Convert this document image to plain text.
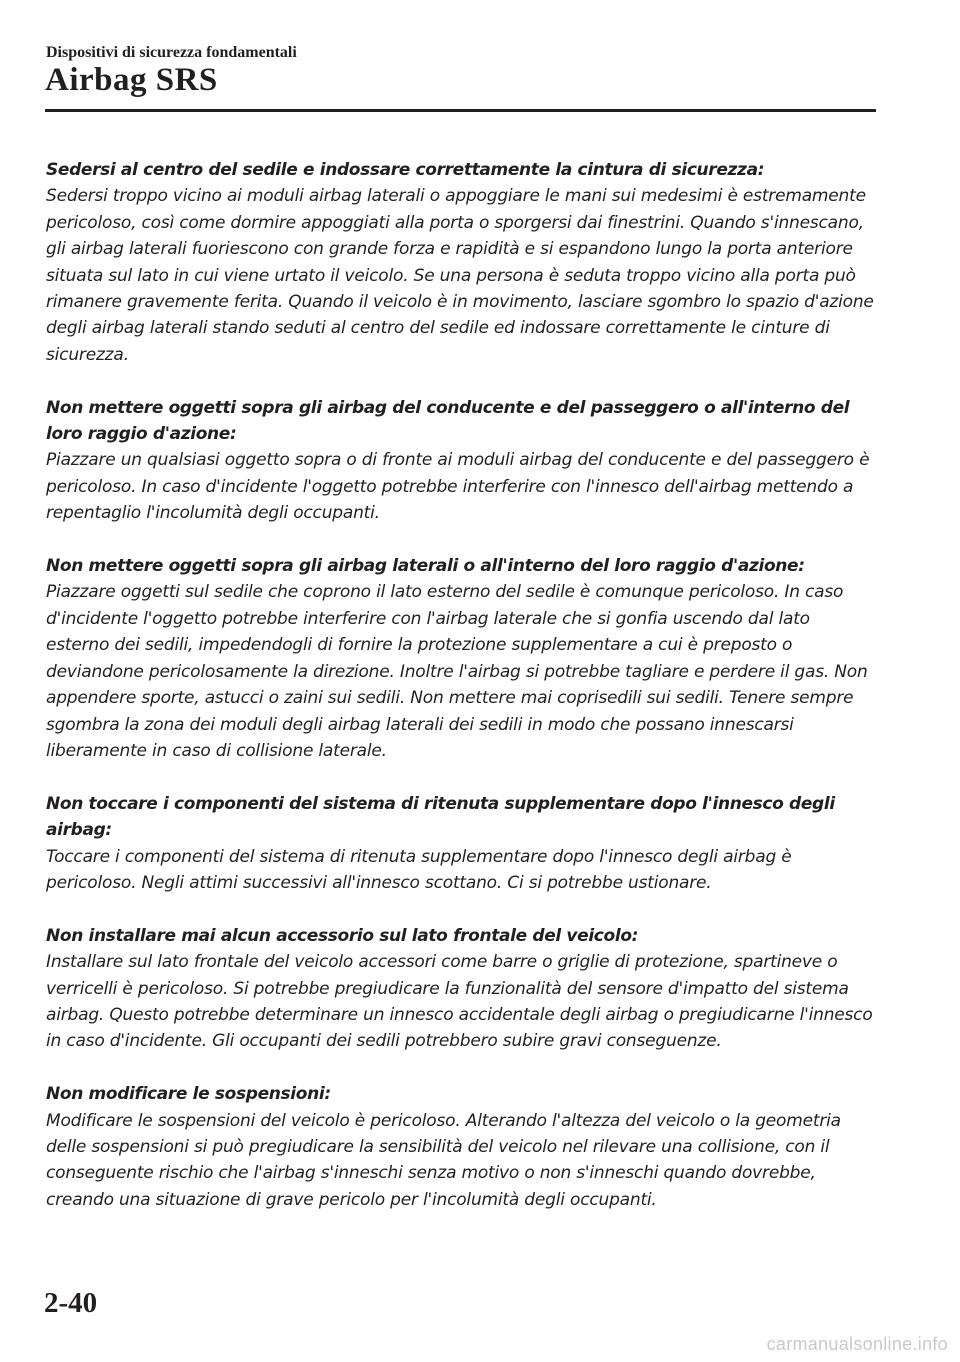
Dispositivi di sicurezza fondamentali
Airbag SRS
Sedersi al centro del sedile e indossare correttamente la cintura di sicurezza:
Sedersi troppo vicino ai moduli airbag laterali o appoggiare le mani sui medesimi è estremamente pericoloso, così come dormire appoggiati alla porta o sporgersi dai finestrini. Quando s'innescano, gli airbag laterali fuoriescono con grande forza e rapidità e si espandono lungo la porta anteriore situata sul lato in cui viene urtato il veicolo. Se una persona è seduta troppo vicino alla porta può rimanere gravemente ferita. Quando il veicolo è in movimento, lasciare sgombro lo spazio d'azione degli airbag laterali stando seduti al centro del sedile ed indossare correttamente le cinture di sicurezza.
Non mettere oggetti sopra gli airbag del conducente e del passeggero o all'interno del loro raggio d'azione:
Piazzare un qualsiasi oggetto sopra o di fronte ai moduli airbag del conducente e del passeggero è pericoloso. In caso d'incidente l'oggetto potrebbe interferire con l'innesco dell'airbag mettendo a repentaglio l'incolumità degli occupanti.
Non mettere oggetti sopra gli airbag laterali o all'interno del loro raggio d'azione:
Piazzare oggetti sul sedile che coprono il lato esterno del sedile è comunque pericoloso. In caso d'incidente l'oggetto potrebbe interferire con l'airbag laterale che si gonfia uscendo dal lato esterno dei sedili, impedendogli di fornire la protezione supplementare a cui è preposto o deviandone pericolosamente la direzione. Inoltre l'airbag si potrebbe tagliare e perdere il gas. Non appendere sporte, astucci o zaini sui sedili. Non mettere mai coprisedili sui sedili. Tenere sempre sgombra la zona dei moduli degli airbag laterali dei sedili in modo che possano innescarsi liberamente in caso di collisione laterale.
Non toccare i componenti del sistema di ritenuta supplementare dopo l'innesco degli airbag:
Toccare i componenti del sistema di ritenuta supplementare dopo l'innesco degli airbag è pericoloso. Negli attimi successivi all'innesco scottano. Ci si potrebbe ustionare.
Non installare mai alcun accessorio sul lato frontale del veicolo:
Installare sul lato frontale del veicolo accessori come barre o griglie di protezione, spartineve o verricelli è pericoloso. Si potrebbe pregiudicare la funzionalità del sensore d'impatto del sistema airbag. Questo potrebbe determinare un innesco accidentale degli airbag o pregiudicarne l'innesco in caso d'incidente. Gli occupanti dei sedili potrebbero subire gravi conseguenze.
Non modificare le sospensioni:
Modificare le sospensioni del veicolo è pericoloso. Alterando l'altezza del veicolo o la geometria delle sospensioni si può pregiudicare la sensibilità del veicolo nel rilevare una collisione, con il conseguente rischio che l'airbag s'inneschi senza motivo o non s'inneschi quando dovrebbe, creando una situazione di grave pericolo per l'incolumità degli occupanti.
2-40
carmanualsonline.info
